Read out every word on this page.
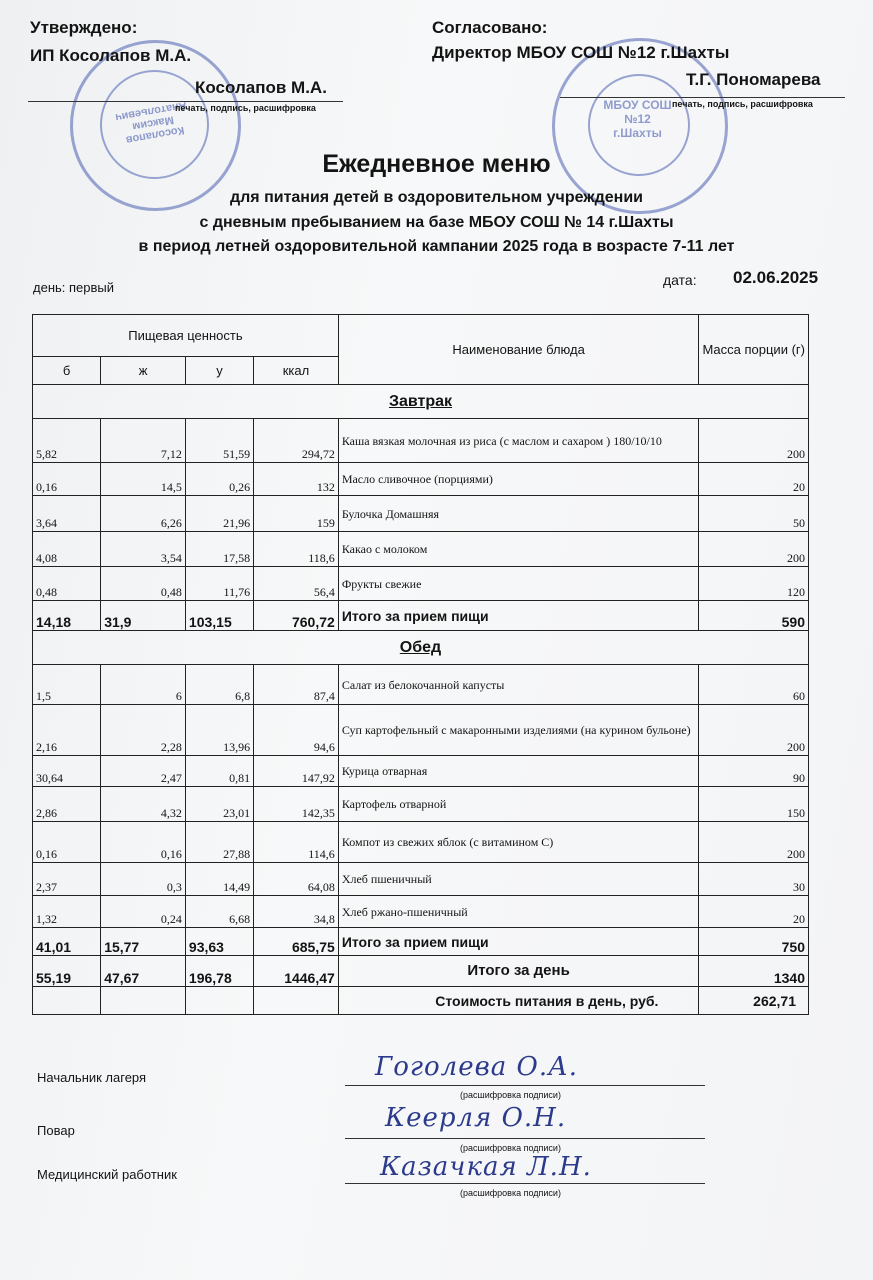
Косолапов Максим Анатольевич	МБОУ СОШ №12 г.Шахты
Утверждено:
ИП Косолапов М.А.
Косолапов М.А.
печать, подпись, расшифровка
Согласовано:
Директор МБОУ СОШ №12 г.Шахты
Т.Г. Пономарева
печать, подпись, расшифровка
Ежедневное меню
для питания детей в оздоровительном учреждении
с дневным пребыванием на базе МБОУ СОШ № 14 г.Шахты
в период летней оздоровительной кампании 2025 года в возрасте 7-11 лет
день: первый	дата: 02.06.2025
Пищевая ценность				Наименование блюда	Масса порции (г)
б	ж	у	ккал		
Завтрак					
5,82	7,12	51,59	294,72	Каша вязкая молочная из риса (с маслом и сахаром ) 180/10/10	200
0,16	14,5	0,26	132	Масло сливочное (порциями)	20
3,64	6,26	21,96	159	Булочка Домашняя	50
4,08	3,54	17,58	118,6	Какао с молоком	200
0,48	0,48	11,76	56,4	Фрукты свежие	120
14,18	31,9	103,15	760,72	Итого за прием пищи	590
Обед					
1,5	6	6,8	87,4	Салат из белокочанной капусты	60
2,16	2,28	13,96	94,6	Суп картофельный с макаронными изделиями (на курином бульоне)	200
30,64	2,47	0,81	147,92	Курица отварная	90
2,86	4,32	23,01	142,35	Картофель отварной	150
0,16	0,16	27,88	114,6	Компот из свежих яблок (с витамином С)	200
2,37	0,3	14,49	64,08	Хлеб пшеничный	30
1,32	0,24	6,68	34,8	Хлеб ржано-пшеничный	20
41,01	15,77	93,63	685,75	Итого за прием пищи	750
55,19	47,67	196,78	1446,47	Итого за день	1340
				Стоимость питания в день, руб.	262,71
Начальник лагеря	Гоголева О.А.
(расшифровка подписи)
Повар	Кеерля О.Н.
(расшифровка подписи)
Медицинский работник	Казачкая Л.Н.
(расшифровка подписи)
